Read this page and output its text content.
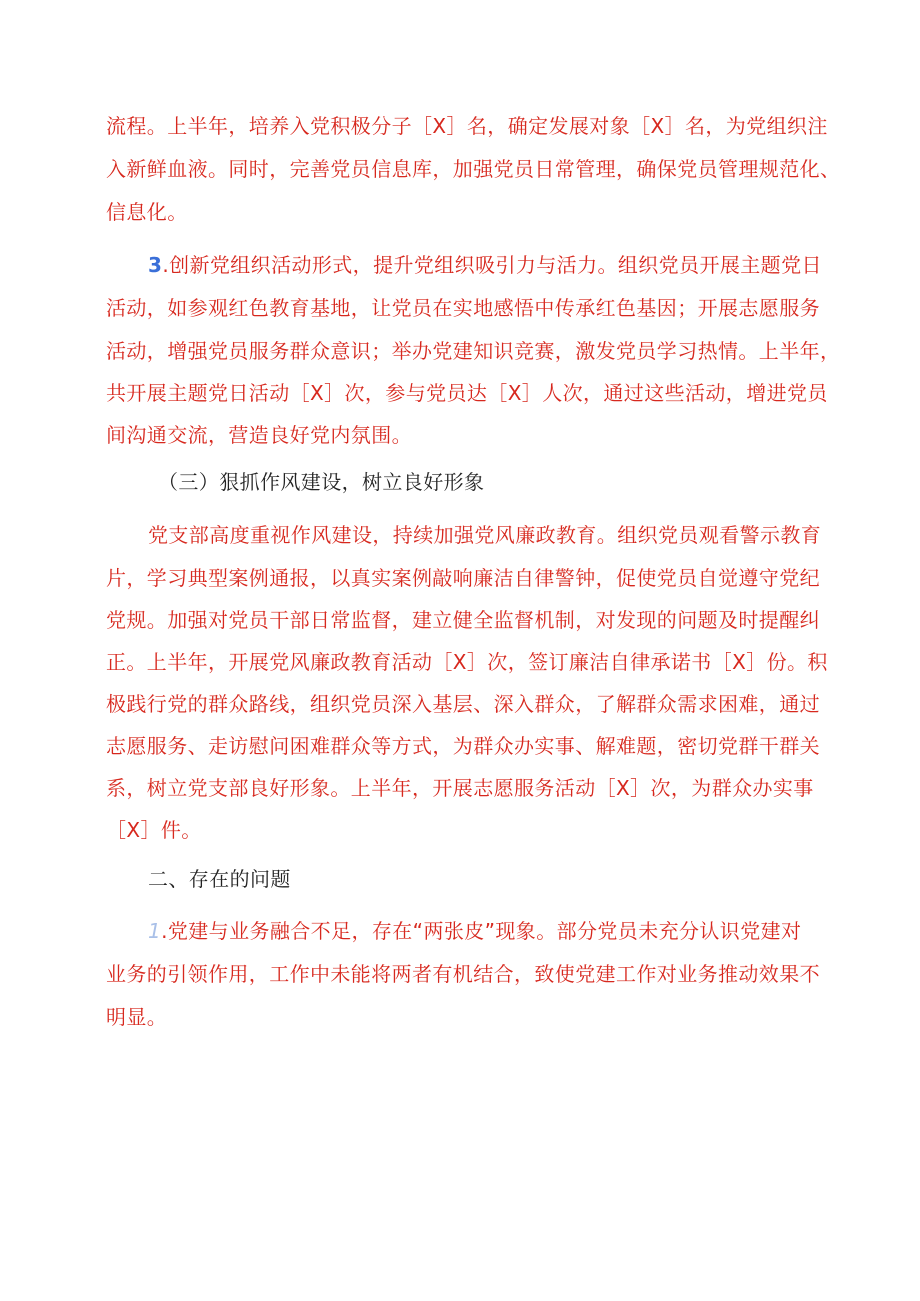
流程。上半年，培养入党积极分子［X］名，确定发展对象［X］名，为党组织注
入新鲜血液。同时，完善党员信息库，加强党员日常管理，确保党员管理规范化、
信息化。
3.创新党组织活动形式，提升党组织吸引力与活力。组织党员开展主题党日
活动，如参观红色教育基地，让党员在实地感悟中传承红色基因；开展志愿服务
活动，增强党员服务群众意识；举办党建知识竞赛，激发党员学习热情。上半年，
共开展主题党日活动［X］次，参与党员达［X］人次，通过这些活动，增进党员
间沟通交流，营造良好党内氛围。
（三）狠抓作风建设，树立良好形象
党支部高度重视作风建设，持续加强党风廉政教育。组织党员观看警示教育
片，学习典型案例通报，以真实案例敲响廉洁自律警钟，促使党员自觉遵守党纪
党规。加强对党员干部日常监督，建立健全监督机制，对发现的问题及时提醒纠
正。上半年，开展党风廉政教育活动［X］次，签订廉洁自律承诺书［X］份。积
极践行党的群众路线，组织党员深入基层、深入群众，了解群众需求困难，通过
志愿服务、走访慰问困难群众等方式，为群众办实事、解难题，密切党群干群关
系，树立党支部良好形象。上半年，开展志愿服务活动［X］次，为群众办实事
［X］件。
二、存在的问题
1.党建与业务融合不足，存在“两张皮”现象。部分党员未充分认识党建对
业务的引领作用，工作中未能将两者有机结合，致使党建工作对业务推动效果不
明显。
